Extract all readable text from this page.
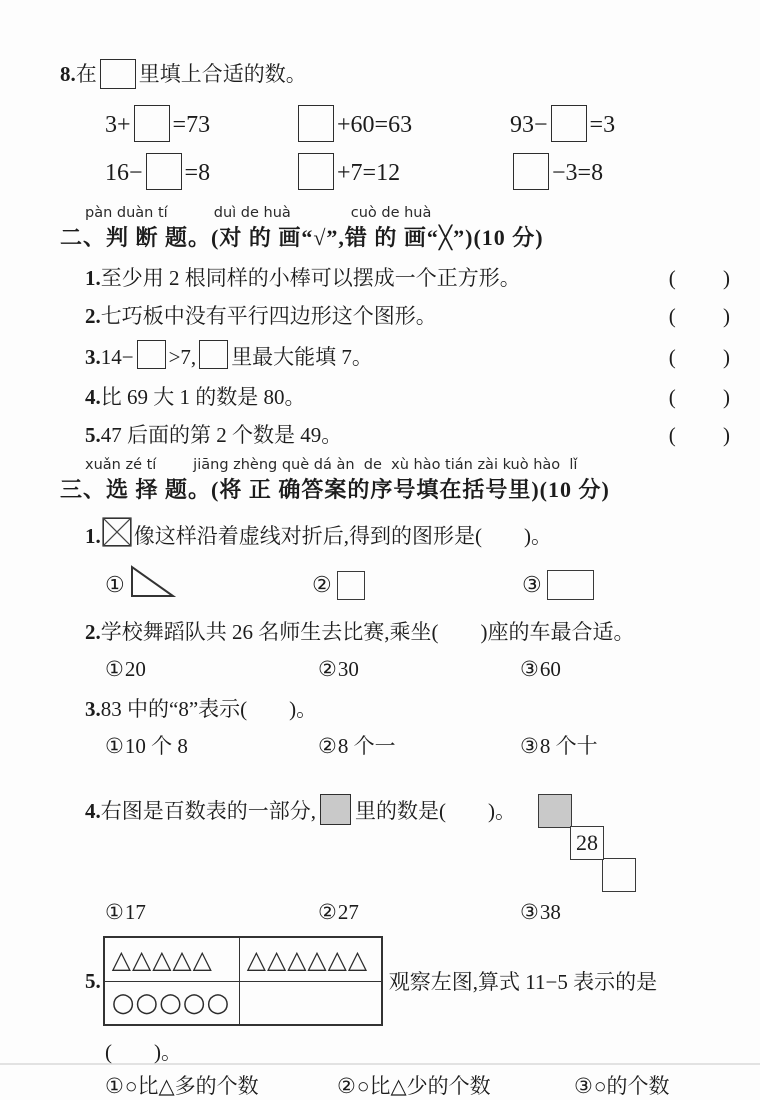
8.在 里填上合适的数。
3+ =73	+60=63	93− =3
16− =8	+7=12	−3=8
pàn duàn tí          duì de huà             cuò de huà
二、判 断 题。(对 的 画“√”,错 的 画“╳”)(10 分)
1. 至少用 2 根同样的小棒可以摆成一个正方形。	(         )
2. 七巧板中没有平行四边形这个图形。	(         )
3. 14− >7, 里最大能填 7。	(         )
4. 比 69 大 1 的数是 80。	(         )
5. 47 后面的第 2 个数是 49。	(         )
xuǎn zé tí        jiāng zhèng què dá àn  de  xù hào tián zài kuò hào  lǐ
三、选 择 题。(将 正 确答案的序号填在括号里)(10 分)
1. 像这样沿着虚线对折后,得到的图形是(　　)。
①	②	③
2. 学校舞蹈队共 26 名师生去比赛,乘坐(　　)座的车最合适。
① 20	② 30	③ 60
3. 83 中的“8”表示(　　)。
① 10 个 8	② 8 个一	③ 8 个十
4. 右图是百数表的一部分, 里的数是(　　)。
28
① 17	② 27	③ 38
5.
△△△△△	△△△△△△
○○○○○
观察左图,算式 11−5 表示的是
(　　)。
① ○比△多的个数	② ○比△少的个数	③ ○的个数
